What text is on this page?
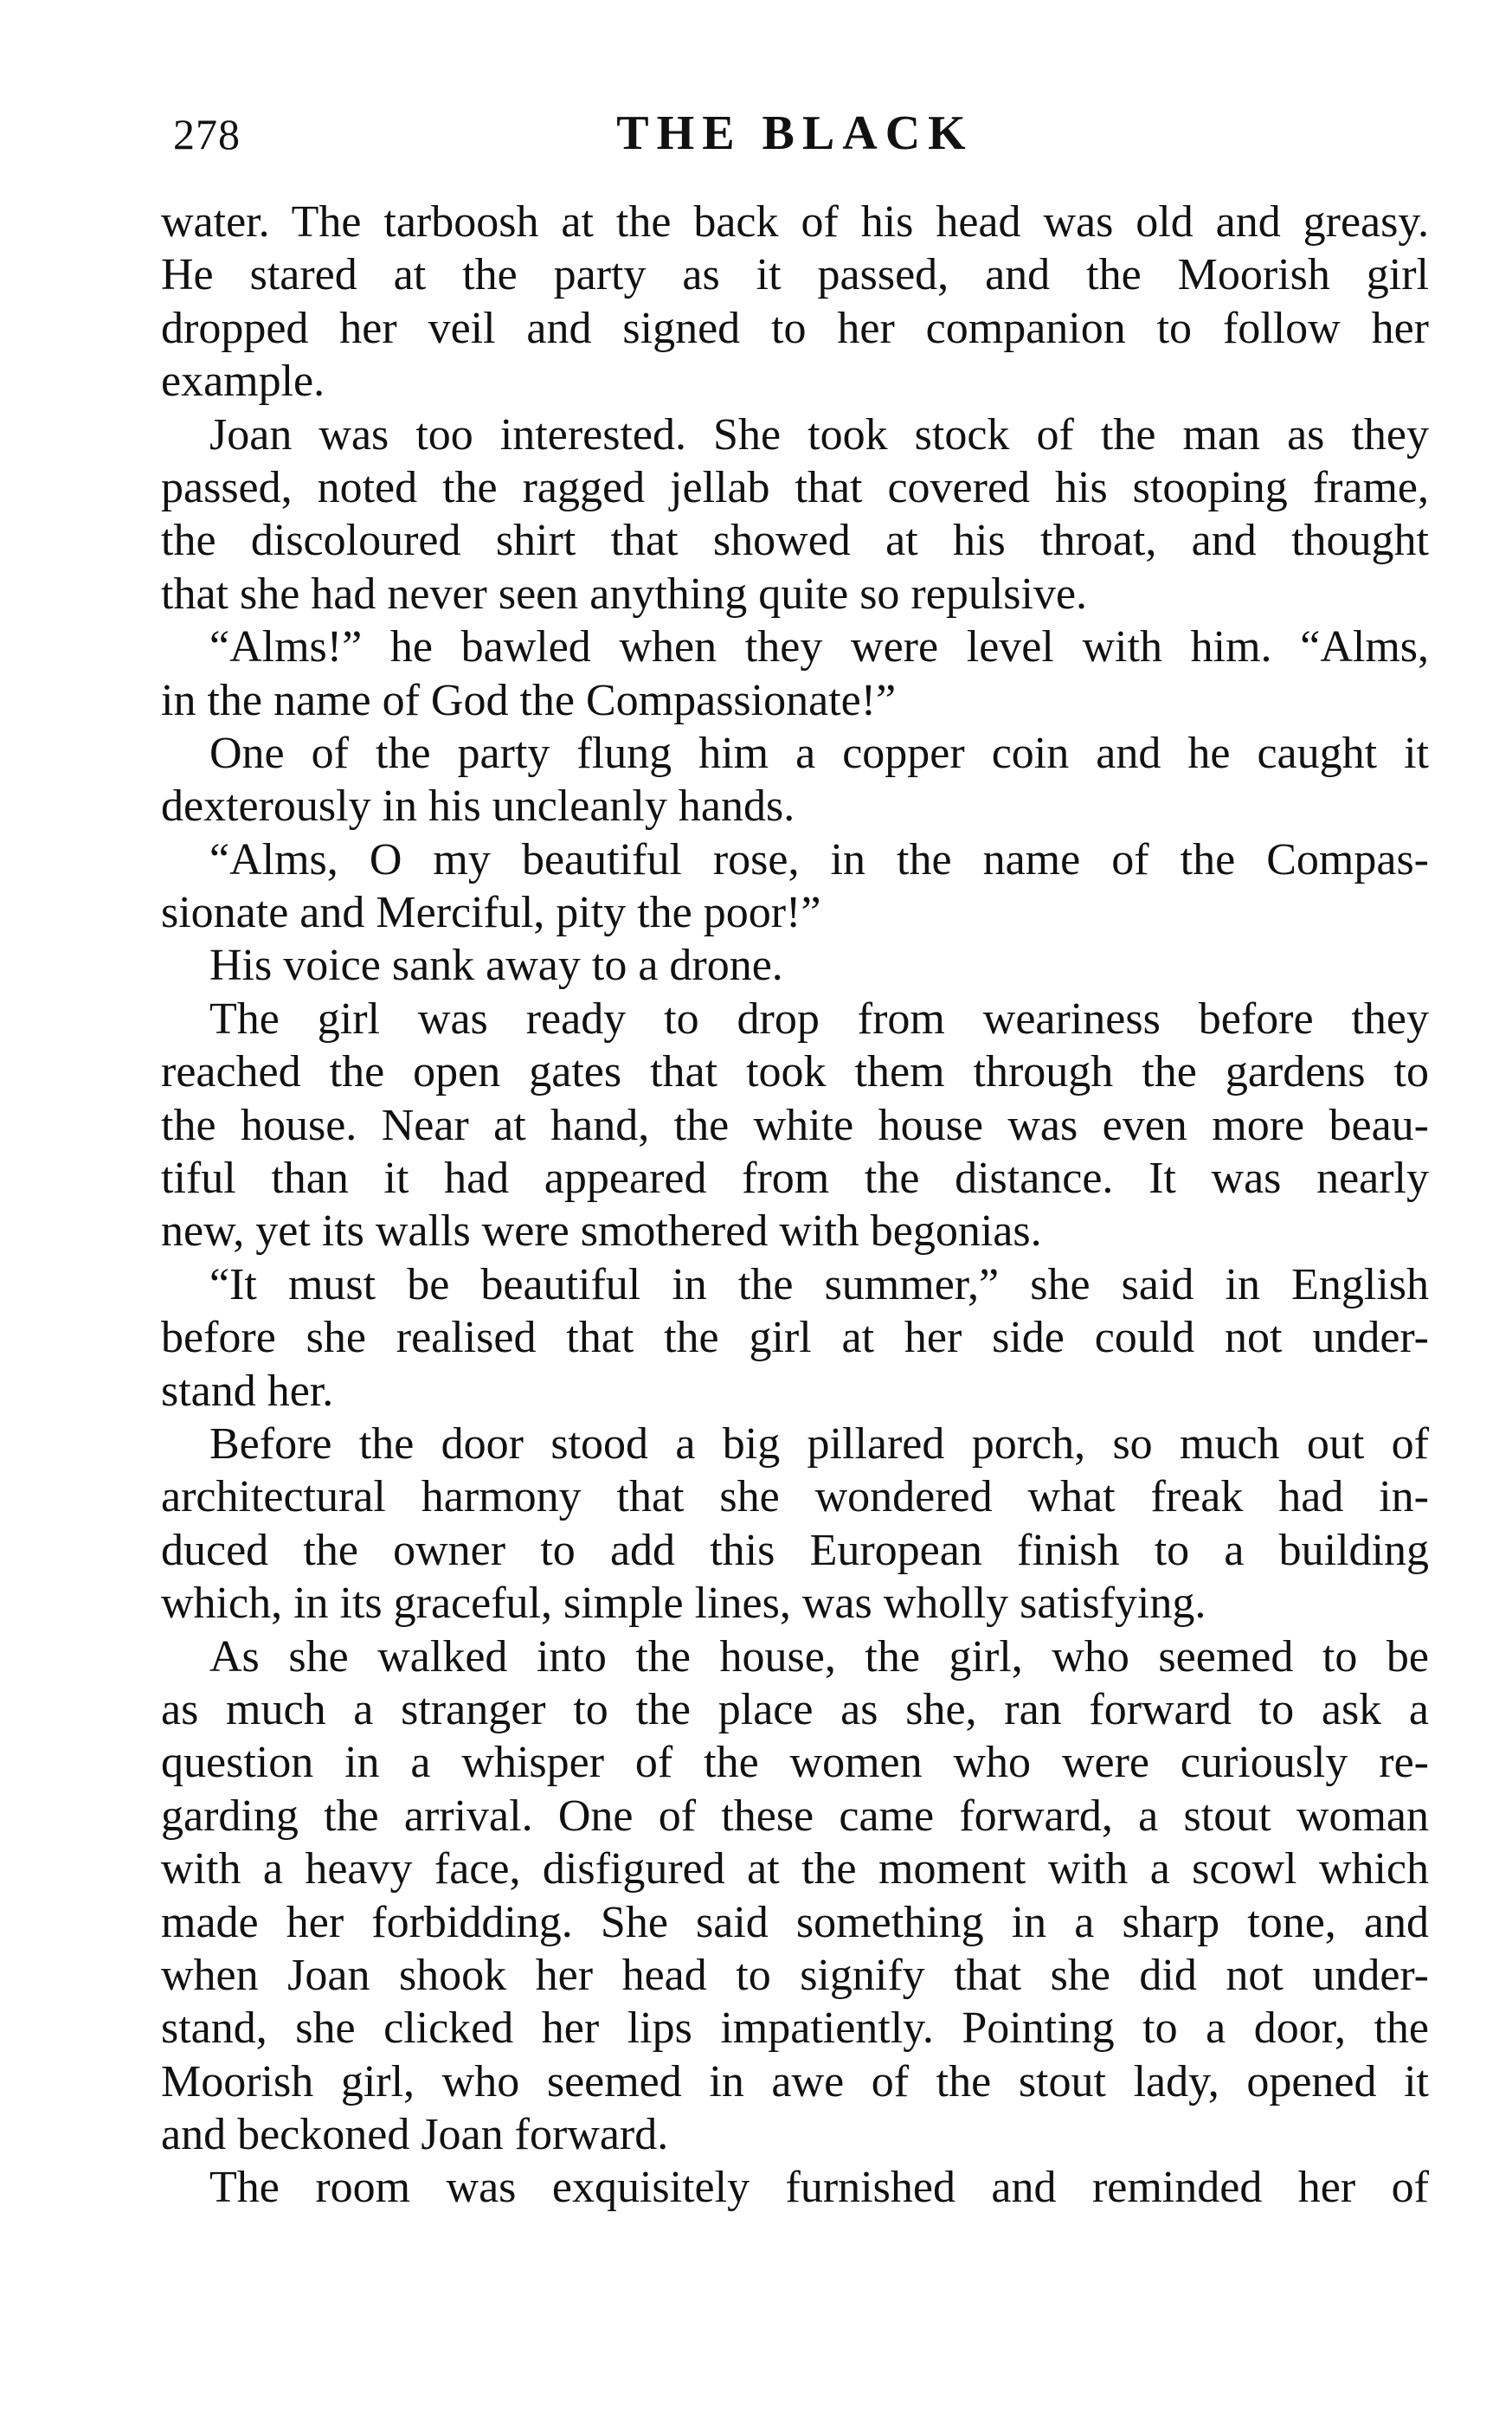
278	THE BLACK
water. The tarboosh at the back of his head was old and greasy.
He stared at the party as it passed, and the Moorish girl
dropped her veil and signed to her companion to follow her
example.
Joan was too interested. She took stock of the man as they
passed, noted the ragged jellab that covered his stooping frame,
the discoloured shirt that showed at his throat, and thought
that she had never seen anything quite so repulsive.
“Alms!” he bawled when they were level with him. “Alms,
in the name of God the Compassionate!”
One of the party flung him a copper coin and he caught it
dexterously in his uncleanly hands.
“Alms, O my beautiful rose, in the name of the Compas-
sionate and Merciful, pity the poor!”
His voice sank away to a drone.
The girl was ready to drop from weariness before they
reached the open gates that took them through the gardens to
the house. Near at hand, the white house was even more beau-
tiful than it had appeared from the distance. It was nearly
new, yet its walls were smothered with begonias.
“It must be beautiful in the summer,” she said in English
before she realised that the girl at her side could not under-
stand her.
Before the door stood a big pillared porch, so much out of
architectural harmony that she wondered what freak had in-
duced the owner to add this European finish to a building
which, in its graceful, simple lines, was wholly satisfying.
As she walked into the house, the girl, who seemed to be
as much a stranger to the place as she, ran forward to ask a
question in a whisper of the women who were curiously re-
garding the arrival. One of these came forward, a stout woman
with a heavy face, disfigured at the moment with a scowl which
made her forbidding. She said something in a sharp tone, and
when Joan shook her head to signify that she did not under-
stand, she clicked her lips impatiently. Pointing to a door, the
Moorish girl, who seemed in awe of the stout lady, opened it
and beckoned Joan forward.
The room was exquisitely furnished and reminded her of
